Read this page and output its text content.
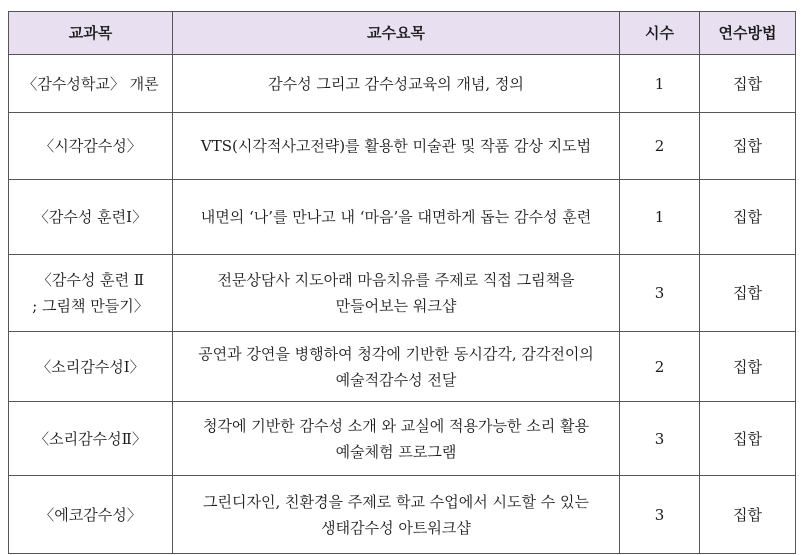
교과목	교수요목	시수	연수방법

〈감수성학교〉 개론	감수성 그리고 감수성교육의 개념, 정의	1	집합

〈시각감수성〉	VTS(시각적사고전략)를 활용한 미술관 및 작품 감상 지도법	2	집합

〈감수성 훈련Ⅰ〉	내면의 ‘나’를 만나고 내 ‘마음’을 대면하게 돕는 감수성 훈련	1	집합

〈감수성 훈련 Ⅱ
; 그림책 만들기〉	전문상담사 지도아래 마음치유를 주제로 직접 그림책을
만들어보는 워크샵	3	집합

〈소리감수성Ⅰ〉	공연과 강연을 병행하여 청각에 기반한 동시감각, 감각전이의
예술적감수성 전달	2	집합

〈소리감수성Ⅱ〉	청각에 기반한 감수성 소개 와 교실에 적용가능한 소리 활용
예술체험 프로그램	3	집합

〈에코감수성〉	그린디자인, 친환경을 주제로 학교 수업에서 시도할 수 있는
생태감수성 아트워크샵	3	집합
